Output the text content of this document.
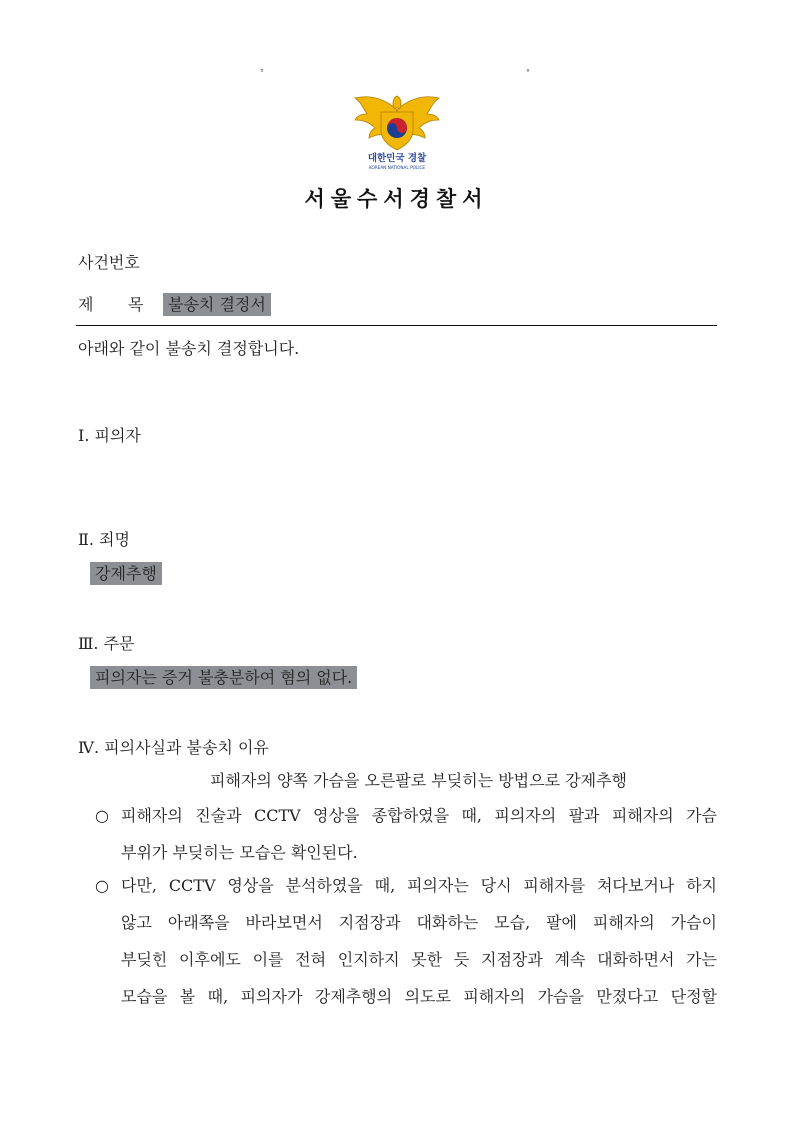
°	°
대한민국 경찰
KOREAN NATIONAL POLICE
서울수서경찰서
사건번호
제 목	불송치 결정서
아래와 같이 불송치 결정합니다.
Ⅰ. 피의자
Ⅱ. 죄명
강제추행
Ⅲ. 주문
피의자는 증거 불충분하여 혐의 없다.
Ⅳ. 피의사실과 불송치 이유
피해자의 양쪽 가슴을 오른팔로 부딪히는 방법으로 강제추행
○ 피해자의 진술과 CCTV 영상을 종합하였을 때, 피의자의 팔과 피해자의 가슴
부위가 부딪히는 모습은 확인된다.
○ 다만, CCTV 영상을 분석하였을 때, 피의자는 당시 피해자를 쳐다보거나 하지
않고 아래쪽을 바라보면서 지점장과 대화하는 모습, 팔에 피해자의 가슴이
부딪힌 이후에도 이를 전혀 인지하지 못한 듯 지점장과 계속 대화하면서 가는
모습을 볼 때, 피의자가 강제추행의 의도로 피해자의 가슴을 만졌다고 단정할
